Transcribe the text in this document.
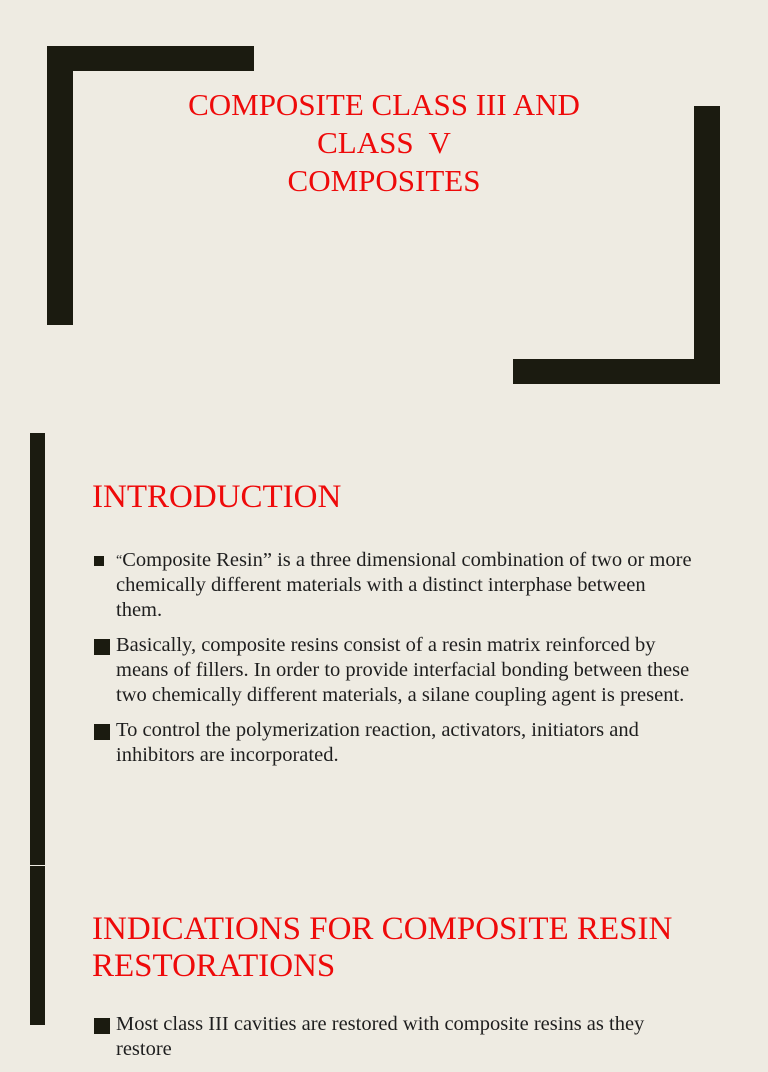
COMPOSITE CLASS III AND
CLASS  V
COMPOSITES
INTRODUCTION
“Composite Resin” is a three dimensional combination of two or more chemically different materials with a distinct interphase between them.
Basically, composite resins consist of a resin matrix reinforced by means of fillers. In order to provide interfacial bonding between these two chemically different materials, a silane coupling agent is present.
To control the polymerization reaction, activators, initiators and inhibitors are incorporated.
INDICATIONS FOR COMPOSITE RESIN
RESTORATIONS
Most class III cavities are restored with composite resins as they restore
